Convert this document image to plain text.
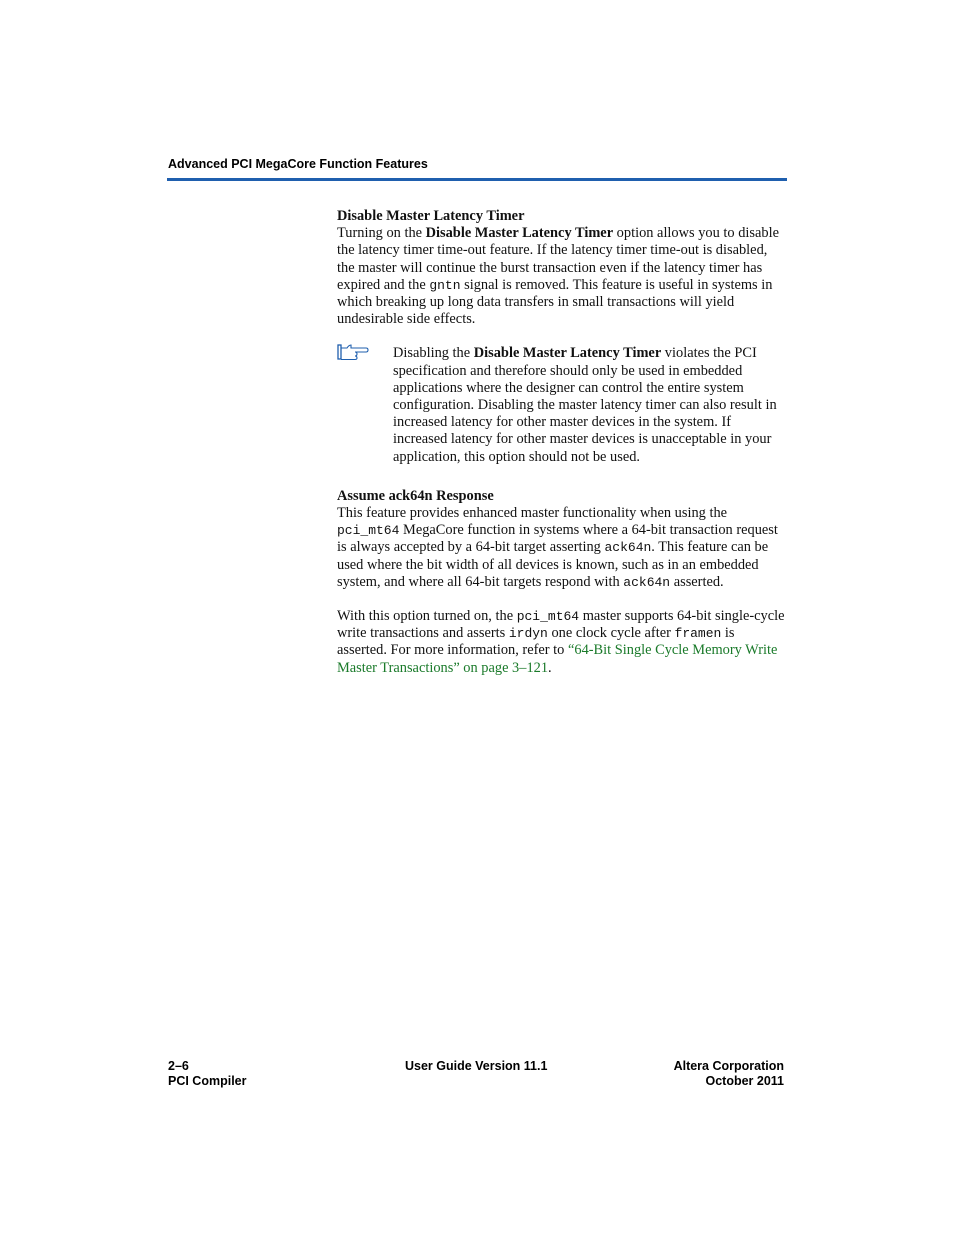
Advanced PCI MegaCore Function Features

Disable Master Latency Timer

Turning on the Disable Master Latency Timer option allows you to disable the latency timer time-out feature. If the latency timer time-out is disabled, the master will continue the burst transaction even if the latency timer has expired and the gntn signal is removed. This feature is useful in systems in which breaking up long data transfers in small transactions will yield undesirable side effects.

Disabling the Disable Master Latency Timer violates the PCI specification and therefore should only be used in embedded applications where the designer can control the entire system configuration. Disabling the master latency timer can also result in increased latency for other master devices in the system. If increased latency for other master devices is unacceptable in your application, this option should not be used.

Assume ack64n Response

This feature provides enhanced master functionality when using the pci_mt64 MegaCore function in systems where a 64-bit transaction request is always accepted by a 64-bit target asserting ack64n. This feature can be used where the bit width of all devices is known, such as in an embedded system, and where all 64-bit targets respond with ack64n asserted.

With this option turned on, the pci_mt64 master supports 64-bit single-cycle write transactions and asserts irdyn one clock cycle after framen is asserted. For more information, refer to “64-Bit Single Cycle Memory Write Master Transactions” on page 3–121.

2–6
PCI Compiler
User Guide Version 11.1	Altera Corporation
October 2011
